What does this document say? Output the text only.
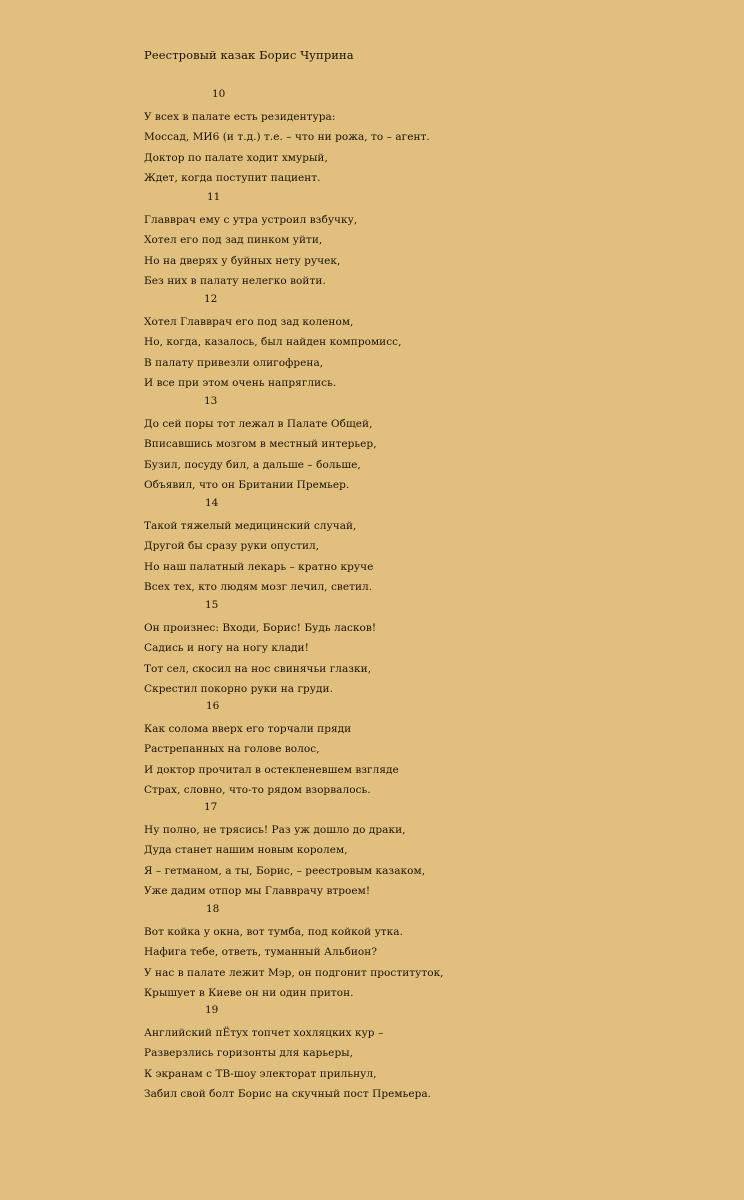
Реестровый казак Борис Чуприна
10
У всех в палате есть резидентура:
Моссад, МИ6 (и т.д.) т.е. – что ни рожа, то – агент.
Доктор по палате ходит хмурый,
Ждет, когда поступит пациент.
11
Главврач ему с утра устроил взбучку,
Хотел его под зад пинком уйти,
Но на дверях у буйных нету ручек,
Без них в палату нелегко войти.
12
Хотел Главврач его под зад коленом,
Но, когда, казалось, был найден компромисс,
В палату привезли олигофрена,
И все при этом очень напряглись.
13
До сей поры тот лежал в Палате Общей,
Вписавшись мозгом в местный интерьер,
Бузил, посуду бил, а дальше – больше,
Объявил, что он Британии Премьер.
14
Такой тяжелый медицинский случай,
Другой бы сразу руки опустил,
Но наш палатный лекарь – кратно круче
Всех тех, кто людям мозг лечил, светил.
15
Он произнес: Входи, Борис! Будь ласков!
Садись и ногу на ногу клади!
Тот сел, скосил на нос свинячьи глазки,
Скрестил покорно руки на груди.
16
Как солома вверх его торчали пряди
Растрепанных на голове волос,
И доктор прочитал в остекленевшем взгляде
Страх, словно, что-то рядом взорвалось.
17
Ну полно, не трясись! Раз уж дошло до драки,
Дуда станет нашим новым королем,
Я – гетманом, а ты, Борис, – реестровым казаком,
Уже дадим отпор мы Главврачу втроем!
18
Вот койка у окна, вот тумба, под койкой утка.
Нафига тебе, ответь, туманный Альбион?
У нас в палате лежит Мэр, он подгонит проституток,
Крышует в Киеве он ни один притон.
19
Английский пЁтух топчет хохляцких кур –
Разверзлись горизонты для карьеры,
К экранам с ТВ-шоу электорат прильнул,
Забил свой болт Борис на скучный пост Премьера.
